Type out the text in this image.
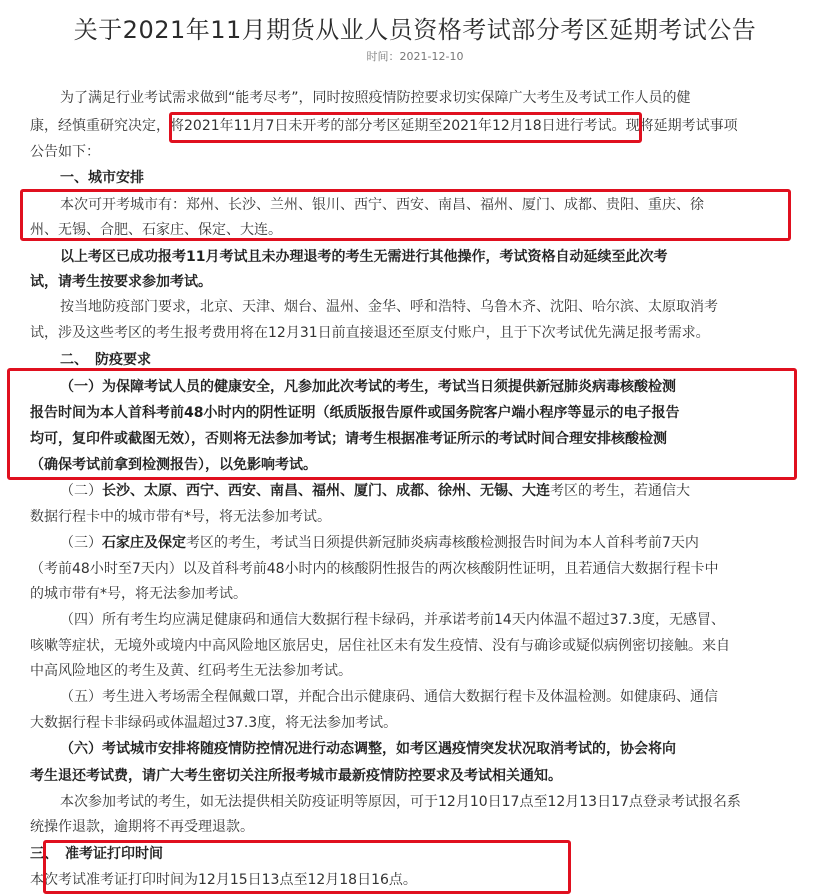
关于2021年11月期货从业人员资格考试部分考区延期考试公告
时间：2021-12-10
为了满足行业考试需求做到“能考尽考”，同时按照疫情防控要求切实保障广大考生及考试工作人员的健
康，经慎重研究决定，将2021年11月7日未开考的部分考区延期至2021年12月18日进行考试。现将延期考试事项
公告如下：
一、城市安排
本次可开考城市有：郑州、长沙、兰州、银川、西宁、西安、南昌、福州、厦门、成都、贵阳、重庆、徐
州、无锡、合肥、石家庄、保定、大连。
以上考区已成功报考11月考试且未办理退考的考生无需进行其他操作，考试资格自动延续至此次考
试，请考生按要求参加考试。
按当地防疫部门要求，北京、天津、烟台、温州、金华、呼和浩特、乌鲁木齐、沈阳、哈尔滨、太原取消考
试，涉及这些考区的考生报考费用将在12月31日前直接退还至原支付账户，且于下次考试优先满足报考需求。
二、　防疫要求
（一）为保障考试人员的健康安全，凡参加此次考试的考生，考试当日须提供新冠肺炎病毒核酸检测
报告时间为本人首科考前48小时内的阴性证明（纸质版报告原件或国务院客户端小程序等显示的电子报告
均可，复印件或截图无效），否则将无法参加考试；请考生根据准考证所示的考试时间合理安排核酸检测
（确保考试前拿到检测报告），以免影响考试。
（二）长沙、太原、西宁、西安、南昌、福州、厦门、成都、徐州、无锡、大连考区的考生，若通信大
数据行程卡中的城市带有*号，将无法参加考试。
（三）石家庄及保定考区的考生，考试当日须提供新冠肺炎病毒核酸检测报告时间为本人首科考前7天内
（考前48小时至7天内）以及首科考前48小时内的核酸阴性报告的两次核酸阴性证明，且若通信大数据行程卡中
的城市带有*号，将无法参加考试。
（四）所有考生均应满足健康码和通信大数据行程卡绿码，并承诺考前14天内体温不超过37.3度，无感冒、
咳嗽等症状，无境外或境内中高风险地区旅居史，居住社区未有发生疫情、没有与确诊或疑似病例密切接触。来自
中高风险地区的考生及黄、红码考生无法参加考试。
（五）考生进入考场需全程佩戴口罩，并配合出示健康码、通信大数据行程卡及体温检测。如健康码、通信
大数据行程卡非绿码或体温超过37.3度，将无法参加考试。
（六）考试城市安排将随疫情防控情况进行动态调整，如考区遇疫情突发状况取消考试的，协会将向
考生退还考试费，请广大考生密切关注所报考城市最新疫情防控要求及考试相关通知。
本次参加考试的考生，如无法提供相关防疫证明等原因，可于12月10日17点至12月13日17点登录考试报名系
统操作退款，逾期将不再受理退款。
三、　准考证打印时间
本次考试准考证打印时间为12月15日13点至12月18日16点。
